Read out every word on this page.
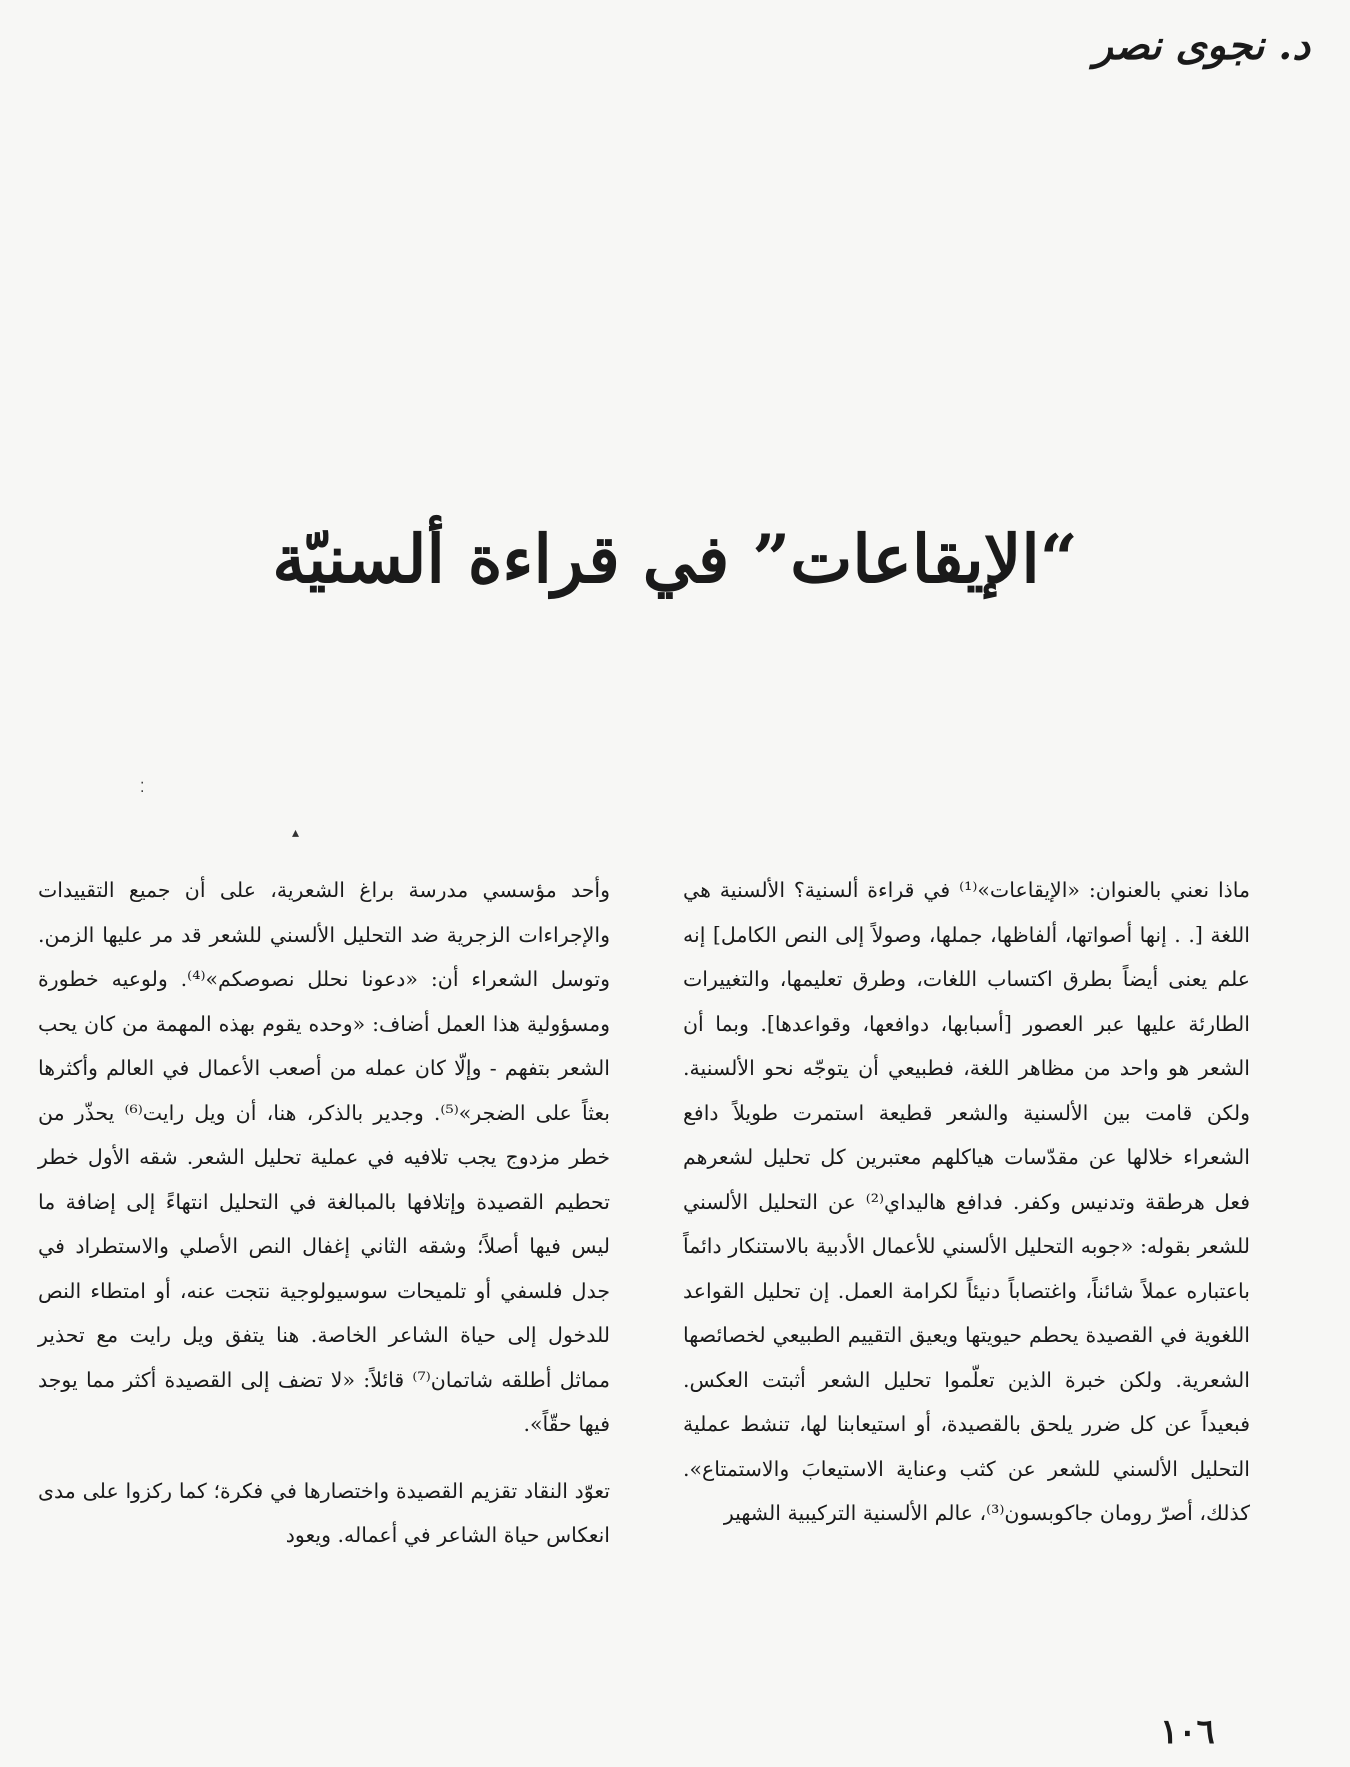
د. نجوى نصر
“الإيقاعات” في قراءة ألسنيّة
⁚
▴

ماذا نعني بالعنوان: «الإيقاعات»⁽¹⁾ في قراءة ألسنية؟ الألسنية هي اللغة [. . إنها أصواتها، ألفاظها، جملها، وصولاً إلى النص الكامل] إنه علم يعنى أيضاً بطرق اكتساب اللغات، وطرق تعليمها، والتغييرات الطارئة عليها عبر العصور [أسبابها، دوافعها، وقواعدها]. وبما أن الشعر هو واحد من مظاهر اللغة، فطبيعي أن يتوجّه نحو الألسنية. ولكن قامت بين الألسنية والشعر قطيعة استمرت طويلاً دافع الشعراء خلالها عن مقدّسات هياكلهم معتبرين كل تحليل لشعرهم فعل هرطقة وتدنيس وكفر. فدافع هاليداي⁽²⁾ عن التحليل الألسني للشعر بقوله: «جوبه التحليل الألسني للأعمال الأدبية بالاستنكار دائماً باعتباره عملاً شائناً، واغتصاباً دنيئاً لكرامة العمل. إن تحليل القواعد اللغوية في القصيدة يحطم حيويتها ويعيق التقييم الطبيعي لخصائصها الشعرية. ولكن خبرة الذين تعلّموا تحليل الشعر أثبتت العكس. فبعيداً عن كل ضرر يلحق بالقصيدة، أو استيعابنا لها، تنشط عملية التحليل الألسني للشعر عن كثب وعناية الاستيعابَ والاستمتاع». كذلك، أصرّ رومان جاكوبسون⁽³⁾، عالم الألسنية التركيبية الشهير

وأحد مؤسسي مدرسة براغ الشعرية، على أن جميع التقييدات والإجراءات الزجرية ضد التحليل الألسني للشعر قد مر عليها الزمن. وتوسل الشعراء أن: «دعونا نحلل نصوصكم»⁽⁴⁾. ولوعيه خطورة ومسؤولية هذا العمل أضاف: «وحده يقوم بهذه المهمة من كان يحب الشعر بتفهم - وإلّا كان عمله من أصعب الأعمال في العالم وأكثرها بعثاً على الضجر»⁽⁵⁾. وجدير بالذكر، هنا، أن ويل رايت⁽⁶⁾ يحذّر من خطر مزدوج يجب تلافيه في عملية تحليل الشعر. شقه الأول خطر تحطيم القصيدة وإتلافها بالمبالغة في التحليل انتهاءً إلى إضافة ما ليس فيها أصلاً؛ وشقه الثاني إغفال النص الأصلي والاستطراد في جدل فلسفي أو تلميحات سوسيولوجية نتجت عنه، أو امتطاء النص للدخول إلى حياة الشاعر الخاصة. هنا يتفق ويل رايت مع تحذير مماثل أطلقه شاتمان⁽⁷⁾ قائلاً: «لا تضف إلى القصيدة أكثر مما يوجد فيها حقّاً».

تعوّد النقاد تقزيم القصيدة واختصارها في فكرة؛ كما ركزوا على مدى انعكاس حياة الشاعر في أعماله. ويعود

١٠٦
